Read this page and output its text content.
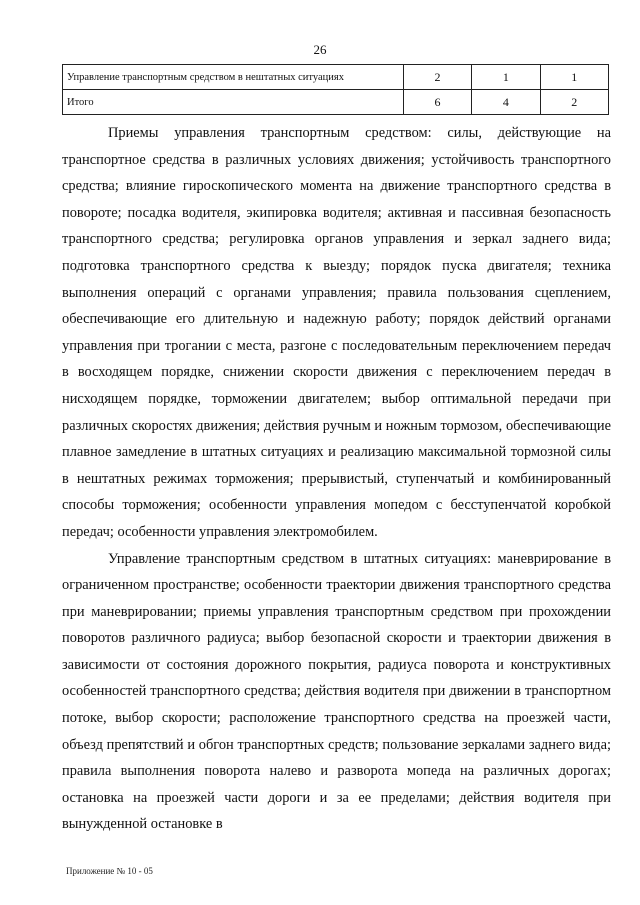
26
Управление транспортным средством в нештатных ситуациях	2	1	1
Итого	6	4	2

Приемы управления транспортным средством: силы, действующие на транспортное средства в различных условиях движения; устойчивость транспортного средства; влияние гироскопического момента на движение транспортного средства в повороте; посадка водителя, экипировка водителя; активная и пассивная безопасность транспортного средства; регулировка органов управления и зеркал заднего вида; подготовка транспортного средства к выезду; порядок пуска двигателя; техника выполнения операций с органами управления; правила пользования сцеплением, обеспечивающие его длительную и надежную работу; порядок действий органами управления при трогании с места, разгоне с последовательным переключением передач в восходящем порядке, снижении скорости движения с переключением передач в нисходящем порядке, торможении двигателем; выбор оптимальной передачи при различных скоростях движения; действия ручным и ножным тормозом, обеспечивающие плавное замедление в штатных ситуациях и реализацию максимальной тормозной силы в нештатных режимах торможения; прерывистый, ступенчатый и комбинированный способы торможения; особенности управления мопедом с бесступенчатой коробкой передач; особенности управления электромобилем.

Управление транспортным средством в штатных ситуациях: маневрирование в ограниченном пространстве; особенности траектории движения транспортного средства при маневрировании; приемы управления транспортным средством при прохождении поворотов различного радиуса; выбор безопасной скорости и траектории движения в зависимости от состояния дорожного покрытия, радиуса поворота и конструктивных особенностей транспортного средства; действия водителя при движении в транспортном потоке, выбор скорости; расположение транспортного средства на проезжей части, объезд препятствий и обгон транспортных средств; пользование зеркалами заднего вида; правила выполнения поворота налево и разворота мопеда на различных дорогах; остановка на проезжей части дороги и за ее пределами; действия водителя при вынужденной остановке в

Приложение № 10 - 05
